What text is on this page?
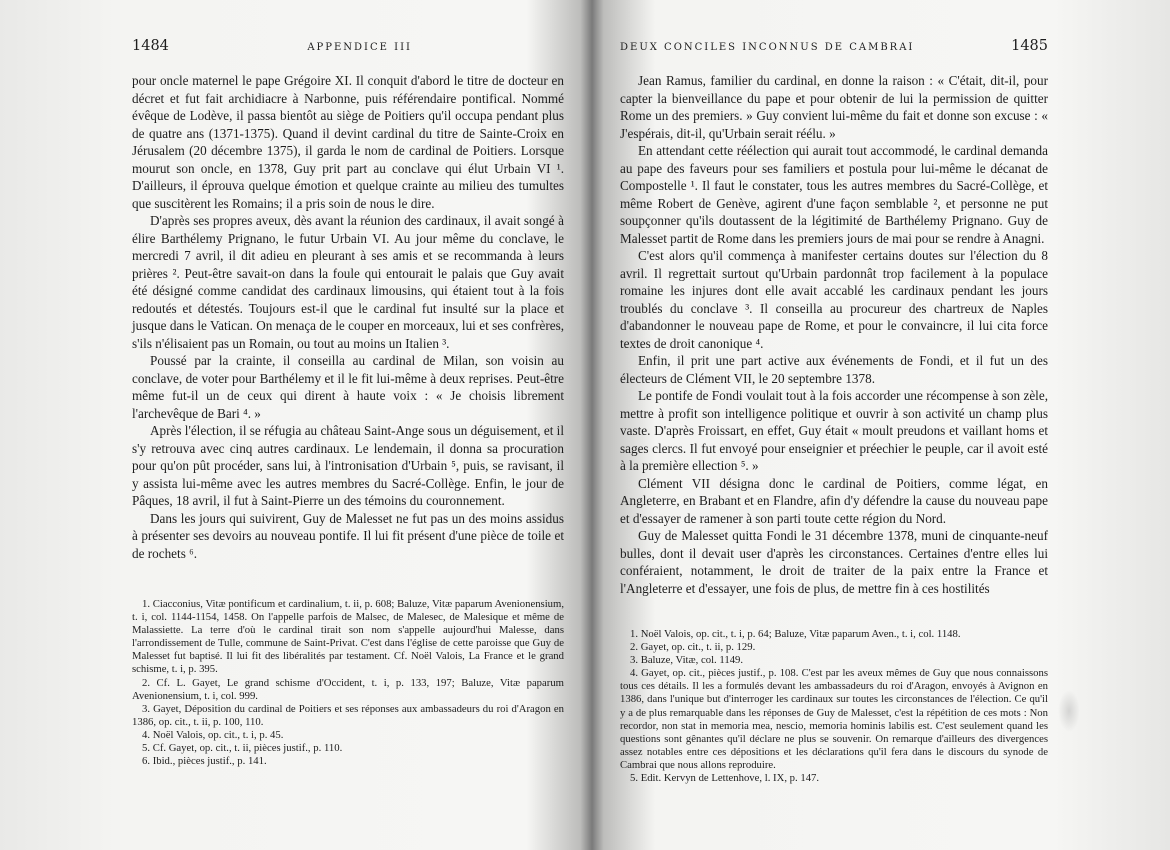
1484	APPENDICE III

pour oncle maternel le pape Grégoire XI. Il conquit d'abord le titre de docteur en décret et fut fait archidiacre à Narbonne, puis référendaire pontifical. Nommé évêque de Lodève, il passa bientôt au siège de Poitiers qu'il occupa pendant plus de quatre ans (1371-1375). Quand il devint cardinal du titre de Sainte-Croix en Jérusalem (20 décembre 1375), il garda le nom de cardinal de Poitiers. Lorsque mourut son oncle, en 1378, Guy prit part au conclave qui élut Urbain VI ¹. D'ailleurs, il éprouva quelque émotion et quelque crainte au milieu des tumultes que suscitèrent les Romains; il a pris soin de nous le dire.

D'après ses propres aveux, dès avant la réunion des cardinaux, il avait songé à élire Barthélemy Prignano, le futur Urbain VI. Au jour même du conclave, le mercredi 7 avril, il dit adieu en pleurant à ses amis et se recommanda à leurs prières ². Peut-être savait-on dans la foule qui entourait le palais que Guy avait été désigné comme candidat des cardinaux limousins, qui étaient tout à la fois redoutés et détestés. Toujours est-il que le cardinal fut insulté sur la place et jusque dans le Vatican. On menaça de le couper en morceaux, lui et ses confrères, s'ils n'élisaient pas un Romain, ou tout au moins un Italien ³.

Poussé par la crainte, il conseilla au cardinal de Milan, son voisin au conclave, de voter pour Barthélemy et il le fit lui-même à deux reprises. Peut-être même fut-il un de ceux qui dirent à haute voix : « Je choisis librement l'archevêque de Bari ⁴. »

Après l'élection, il se réfugia au château Saint-Ange sous un déguisement, et il s'y retrouva avec cinq autres cardinaux. Le lendemain, il donna sa procuration pour qu'on pût procéder, sans lui, à l'intronisation d'Urbain ⁵, puis, se ravisant, il y assista lui-même avec les autres membres du Sacré-Collège. Enfin, le jour de Pâques, 18 avril, il fut à Saint-Pierre un des témoins du couronnement.

Dans les jours qui suivirent, Guy de Malesset ne fut pas un des moins assidus à présenter ses devoirs au nouveau pontife. Il lui fit présent d'une pièce de toile et de rochets ⁶.

1. Ciacconius, Vitæ pontificum et cardinalium, t. ii, p. 608; Baluze, Vitæ paparum Avenionensium, t. i, col. 1144-1154, 1458. On l'appelle parfois de Malsec, de Malesec, de Malesique et même de Malassiette. La terre d'où le cardinal tirait son nom s'appelle aujourd'hui Malesse, dans l'arrondissement de Tulle, commune de Saint-Privat. C'est dans l'église de cette paroisse que Guy de Malesset fut baptisé. Il lui fit des libéralités par testament. Cf. Noël Valois, La France et le grand schisme, t. i, p. 395.

2. Cf. L. Gayet, Le grand schisme d'Occident, t. i, p. 133, 197; Baluze, Vitæ paparum Avenionensium, t. i, col. 999.

3. Gayet, Déposition du cardinal de Poitiers et ses réponses aux ambassadeurs du roi d'Aragon en 1386, op. cit., t. ii, p. 100, 110.

4. Noël Valois, op. cit., t. i, p. 45.

5. Cf. Gayet, op. cit., t. ii, pièces justif., p. 110.

6. Ibid., pièces justif., p. 141.

DEUX CONCILES INCONNUS DE CAMBRAI	1485

Jean Ramus, familier du cardinal, en donne la raison : « C'était, dit-il, pour capter la bienveillance du pape et pour obtenir de lui la permission de quitter Rome un des premiers. » Guy convient lui-même du fait et donne son excuse : « J'espérais, dit-il, qu'Urbain serait réélu. »

En attendant cette réélection qui aurait tout accommodé, le cardinal demanda au pape des faveurs pour ses familiers et postula pour lui-même le décanat de Compostelle ¹. Il faut le constater, tous les autres membres du Sacré-Collège, et même Robert de Genève, agirent d'une façon semblable ², et personne ne put soupçonner qu'ils doutassent de la légitimité de Barthélemy Prignano. Guy de Malesset partit de Rome dans les premiers jours de mai pour se rendre à Anagni.

C'est alors qu'il commença à manifester certains doutes sur l'élection du 8 avril. Il regrettait surtout qu'Urbain pardonnât trop facilement à la populace romaine les injures dont elle avait accablé les cardinaux pendant les jours troublés du conclave ³. Il conseilla au procureur des chartreux de Naples d'abandonner le nouveau pape de Rome, et pour le convaincre, il lui cita force textes de droit canonique ⁴.

Enfin, il prit une part active aux événements de Fondi, et il fut un des électeurs de Clément VII, le 20 septembre 1378.

Le pontife de Fondi voulait tout à la fois accorder une récompense à son zèle, mettre à profit son intelligence politique et ouvrir à son activité un champ plus vaste. D'après Froissart, en effet, Guy était « moult preudons et vaillant homs et sages clercs. Il fut envoyé pour enseignier et préechier le peuple, car il avoit esté à la première ellection ⁵. »

Clément VII désigna donc le cardinal de Poitiers, comme légat, en Angleterre, en Brabant et en Flandre, afin d'y défendre la cause du nouveau pape et d'essayer de ramener à son parti toute cette région du Nord.

Guy de Malesset quitta Fondi le 31 décembre 1378, muni de cinquante-neuf bulles, dont il devait user d'après les circonstances. Certaines d'entre elles lui conféraient, notamment, le droit de traiter de la paix entre la France et l'Angleterre et d'essayer, une fois de plus, de mettre fin à ces hostilités

1. Noël Valois, op. cit., t. i, p. 64; Baluze, Vitæ paparum Aven., t. i, col. 1148.

2. Gayet, op. cit., t. ii, p. 129.

3. Baluze, Vitæ, col. 1149.

4. Gayet, op. cit., pièces justif., p. 108. C'est par les aveux mêmes de Guy que nous connaissons tous ces détails. Il les a formulés devant les ambassadeurs du roi d'Aragon, envoyés à Avignon en 1386, dans l'unique but d'interroger les cardinaux sur toutes les circonstances de l'élection. Ce qu'il y a de plus remarquable dans les réponses de Guy de Malesset, c'est la répétition de ces mots : Non recordor, non stat in memoria mea, nescio, memoria hominis labilis est. C'est seulement quand les questions sont gênantes qu'il déclare ne plus se souvenir. On remarque d'ailleurs des divergences assez notables entre ces dépositions et les déclarations qu'il fera dans le discours du synode de Cambrai que nous allons reproduire.

5. Edit. Kervyn de Lettenhove, l. IX, p. 147.
